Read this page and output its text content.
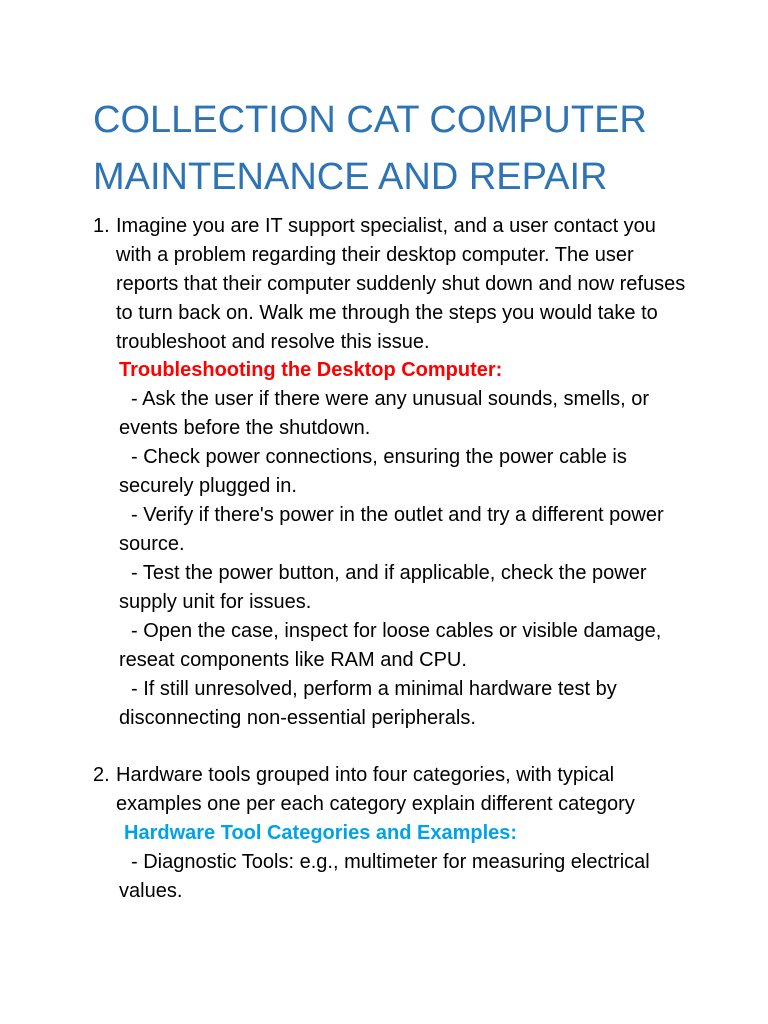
COLLECTION CAT COMPUTER MAINTENANCE AND REPAIR
1. Imagine you are IT support specialist, and a user contact you with a problem regarding their desktop computer. The user reports that their computer suddenly shut down and now refuses to turn back on. Walk me through the steps you would take to troubleshoot and resolve this issue.
Troubleshooting the Desktop Computer:

- Ask the user if there were any unusual sounds, smells, or events before the shutdown.

- Check power connections, ensuring the power cable is securely plugged in.

- Verify if there's power in the outlet and try a different power source.

- Test the power button, and if applicable, check the power supply unit for issues.

- Open the case, inspect for loose cables or visible damage, reseat components like RAM and CPU.

- If still unresolved, perform a minimal hardware test by disconnecting non-essential peripherals.

2. Hardware tools grouped into four categories, with typical examples one per each category explain different category
Hardware Tool Categories and Examples:

- Diagnostic Tools: e.g., multimeter for measuring electrical values.
